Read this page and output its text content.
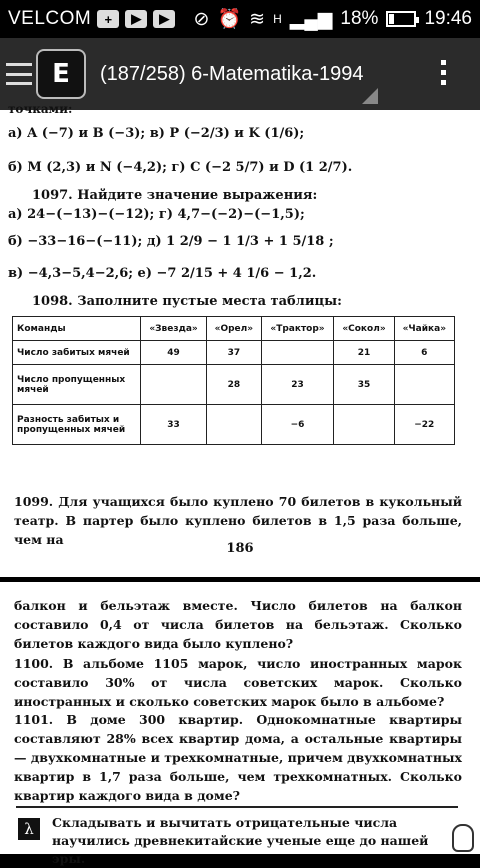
VELCOM	+	▶	▶	⊘ ⏰ ≋ H ▂▄▆ 18% 19:46
Е	(187/258) 6-Matematika-1994
точками:
а) A (−7) и B (−3); в) P (−2/3) и K (1/6);
б) M (2,3) и N (−4,2); г) C (−2 5/7) и D (1 2/7).
1097. Найдите значение выражения:
а) 24−(−13)−(−12); г) 4,7−(−2)−(−1,5);
б) −33−16−(−11); д) 1 2/9 − 1 1/3 + 1 5/18 ;
в) −4,3−5,4−2,6; е) −7 2/15 + 4 1/6 − 1,2.
1098. Заполните пустые места таблицы:
Команды	«Звезда»	«Орел»	«Трактор»	«Сокол»	«Чайка»
Число забитых мячей	49	37		21	6
Число пропущенных мячей		28	23	35	
Разность забитых и пропущенных мячей	33		−6		−22
1099. Для учащихся было куплено 70 билетов в кукольный театр. В партер было куплено билетов в 1,5 раза больше, чем на
186
балкон и бельэтаж вместе. Число билетов на балкон составило 0,4 от числа билетов на бельэтаж. Сколько билетов каждого вида было куплено?
1100. В альбоме 1105 марок, число иностранных марок составило 30% от числа советских марок. Сколько иностранных и сколько советских марок было в альбоме?
1101. В доме 300 квартир. Однокомнатные квартиры составляют 28% всех квартир дома, а остальные квартиры — двухкомнатные и трехкомнатные, причем двухкомнатных квартир в 1,7 раза больше, чем трехкомнатных. Сколько квартир каждого вида в доме?
λ	Складывать и вычитать отрицательные числа научились древнекитайские ученые еще до нашей эры.
